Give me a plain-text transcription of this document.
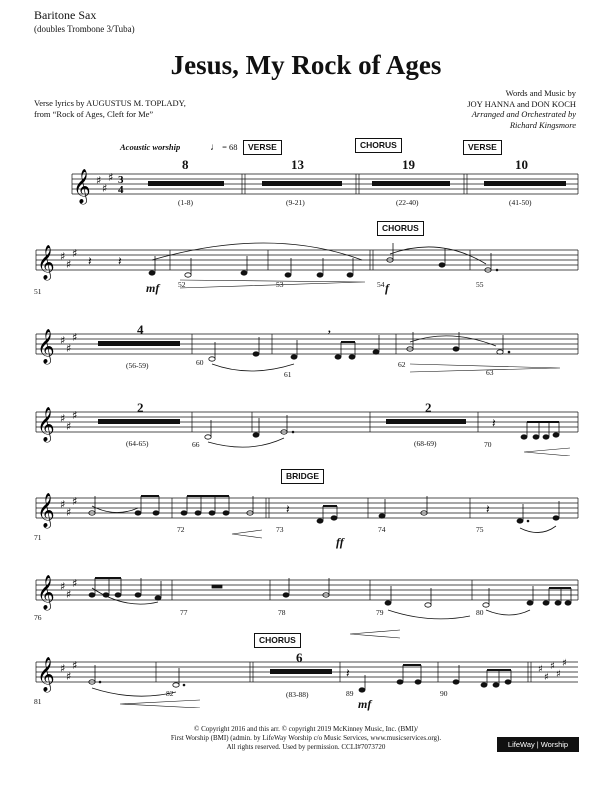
Baritone Sax
(doubles Trombone 3/Tuba)
Jesus, My Rock of Ages
Verse lyrics by AUGUSTUS M. TOPLADY,
from “Rock of Ages, Cleft for Me”
Words and Music by
JOY HANNA and DON KOCH
Arranged and Orchestrated by
Richard Kingsmore
Acoustic worship	♩ = 68
𝄞 ♯
♯
♯ 3
4
VERSE	CHORUS	VERSE
8	13	19	10
(1-8)	(9-21)	(22-40)	(41-50)
CHORUS
𝄞 ♯
♯
♯
𝄽 𝄽
mf	f
51
52	53	54	55
𝄞 ♯
♯
♯
,
4
(56-59)	60
61
62
63
𝄞 ♯
♯
♯
𝄽
2
(64-65)
2
(68-69)
66	70
BRIDGE
𝄞 ♯
♯
♯
𝄽	𝄽
ff
71
72	73	74	75
𝄞 ♯
♯
♯
76
77	78	79	80
CHORUS
𝄞 ♯
♯
♯	♯
♯
♯
♯
♯
𝄽
6
(83-88)
mf
81
82	89	90
© Copyright 2016 and this arr. © copyright 2019 McKinney Music, Inc. (BMI)/
First Worship (BMI) (admin. by LifeWay Worship c/o Music Services, www.musicservices.org).
All rights reserved. Used by permission. CCLI#7073720	LifeWay | Worship
